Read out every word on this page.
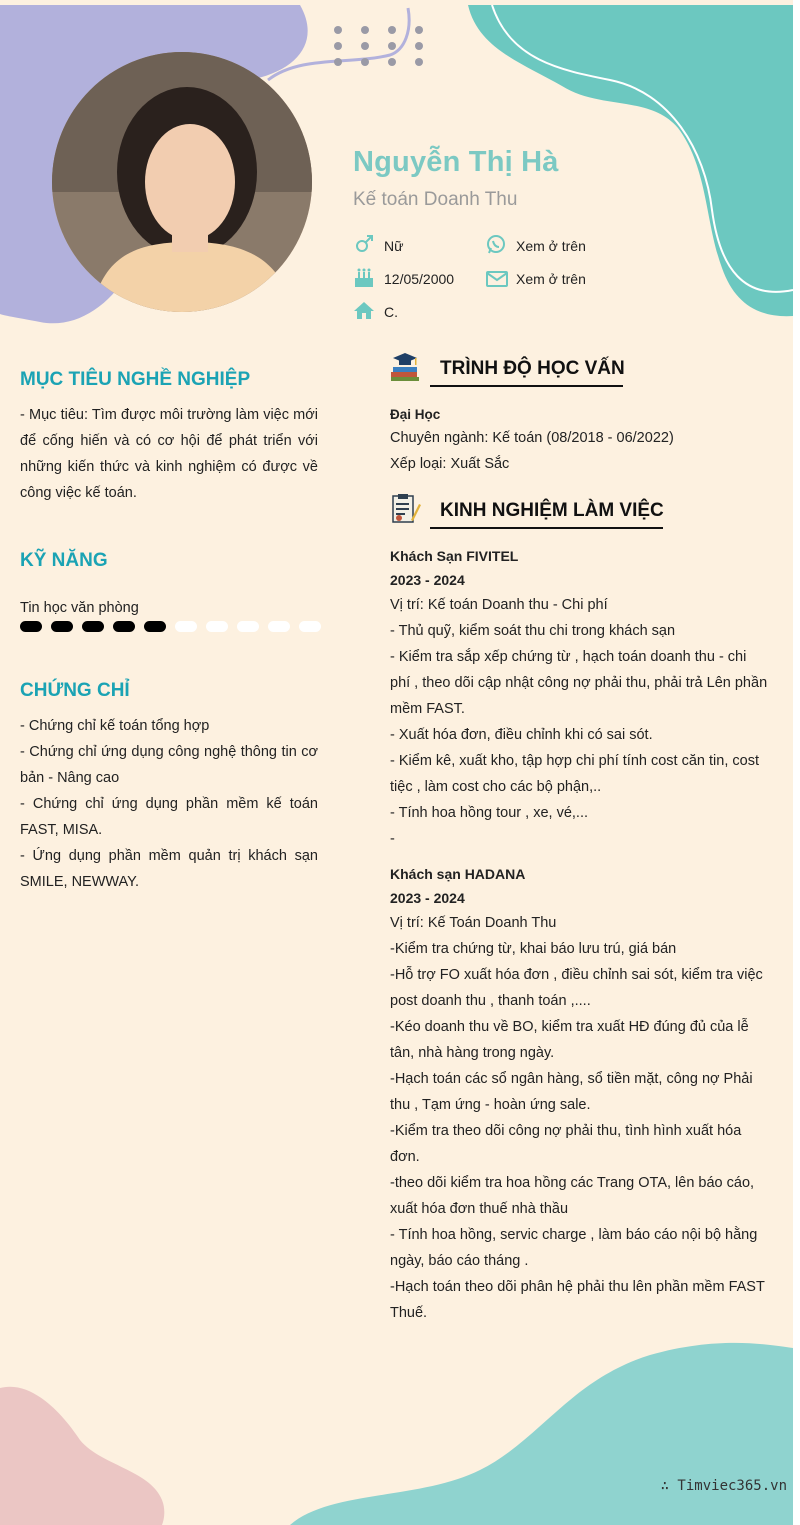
Nguyễn Thị Hà
Kế toán Doanh Thu
Nữ	Xem ở trên
12/05/2000	Xem ở trên
C.
MỤC TIÊU NGHỀ NGHIỆP
- Mục tiêu: Tìm được môi trường làm việc mới để cống hiến và có cơ hội để phát triển với những kiến thức và kinh nghiệm có được về công việc kế toán.
KỸ NĂNG
Tin học văn phòng
CHỨNG CHỈ
- Chứng chỉ kế toán tổng hợp
- Chứng chỉ ứng dụng công nghệ thông tin cơ bản - Nâng cao
- Chứng chỉ ứng dụng phần mềm kế toán FAST, MISA.
- Ứng dụng phần mềm quản trị khách sạn SMILE, NEWWAY.
TRÌNH ĐỘ HỌC VẤN
Đại Học
Chuyên ngành: Kế toán (08/2018 - 06/2022)
Xếp loại: Xuất Sắc
KINH NGHIỆM LÀM VIỆC
Khách Sạn FIVITEL
2023 - 2024
Vị trí: Kế toán Doanh thu - Chi phí
- Thủ quỹ, kiểm soát thu chi trong khách sạn
- Kiểm tra sắp xếp chứng từ , hạch toán doanh thu - chi phí , theo dõi cập nhật công nợ phải thu, phải trả Lên phần mềm FAST.
- Xuất hóa đơn, điều chỉnh khi có sai sót.
- Kiểm kê, xuất kho, tập hợp chi phí tính cost căn tin, cost tiệc , làm cost cho các bộ phận,..
- Tính hoa hồng tour , xe, vé,...
-
Khách sạn HADANA
2023 - 2024
Vị trí: Kế Toán Doanh Thu
-Kiểm tra chứng từ, khai báo lưu trú, giá bán
-Hỗ trợ FO xuất hóa đơn , điều chỉnh sai sót, kiểm tra việc post doanh thu , thanh toán ,....
-Kéo doanh thu về BO, kiểm tra xuất HĐ đúng đủ của lễ tân, nhà hàng trong ngày.
-Hạch toán các sổ ngân hàng, sổ tiền mặt, công nợ Phải thu , Tạm ứng - hoàn ứng sale.
-Kiểm tra theo dõi công nợ phải thu, tình hình xuất hóa đơn.
-theo dõi kiểm tra hoa hồng các Trang OTA, lên báo cáo, xuất hóa đơn thuế nhà thầu
- Tính hoa hồng, servic charge , làm báo cáo nội bộ hằng ngày, báo cáo tháng .
-Hạch toán theo dõi phân hệ phải thu lên phần mềm FAST Thuế.
∴ Timviec365.vn
